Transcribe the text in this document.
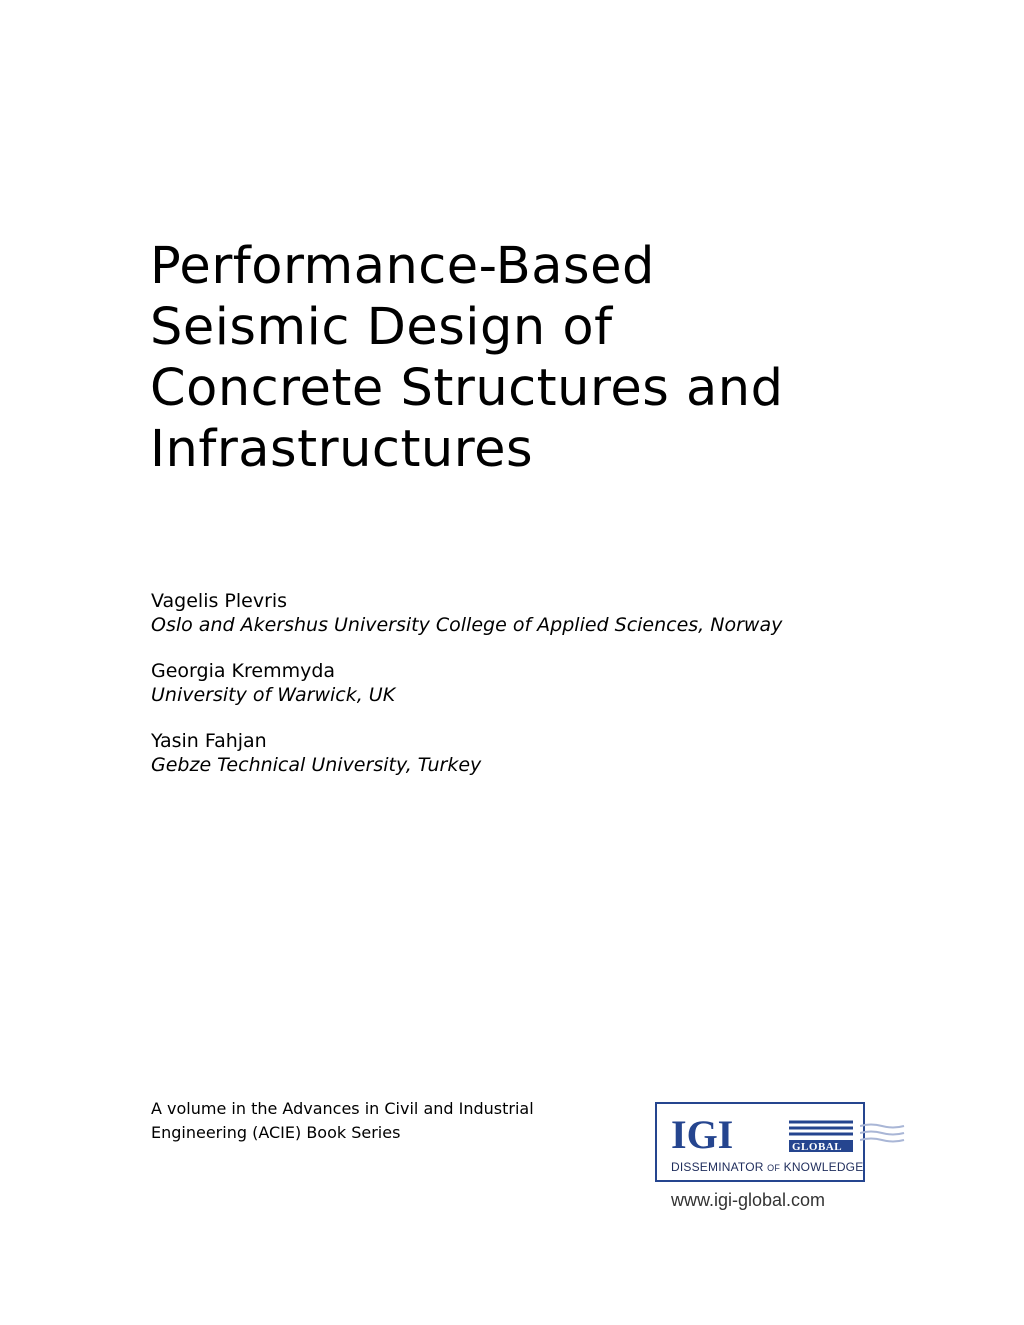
Performance-Based
Seismic Design of
Concrete Structures and
Infrastructures
Vagelis Plevris
Oslo and Akershus University College of Applied Sciences, Norway
Georgia Kremmyda
University of Warwick, UK
Yasin Fahjan
Gebze Technical University, Turkey
A volume in the Advances in Civil and Industrial
Engineering (ACIE) Book Series	IGI	GLOBAL
DISSEMINATOR OF KNOWLEDGE
www.igi-global.com
